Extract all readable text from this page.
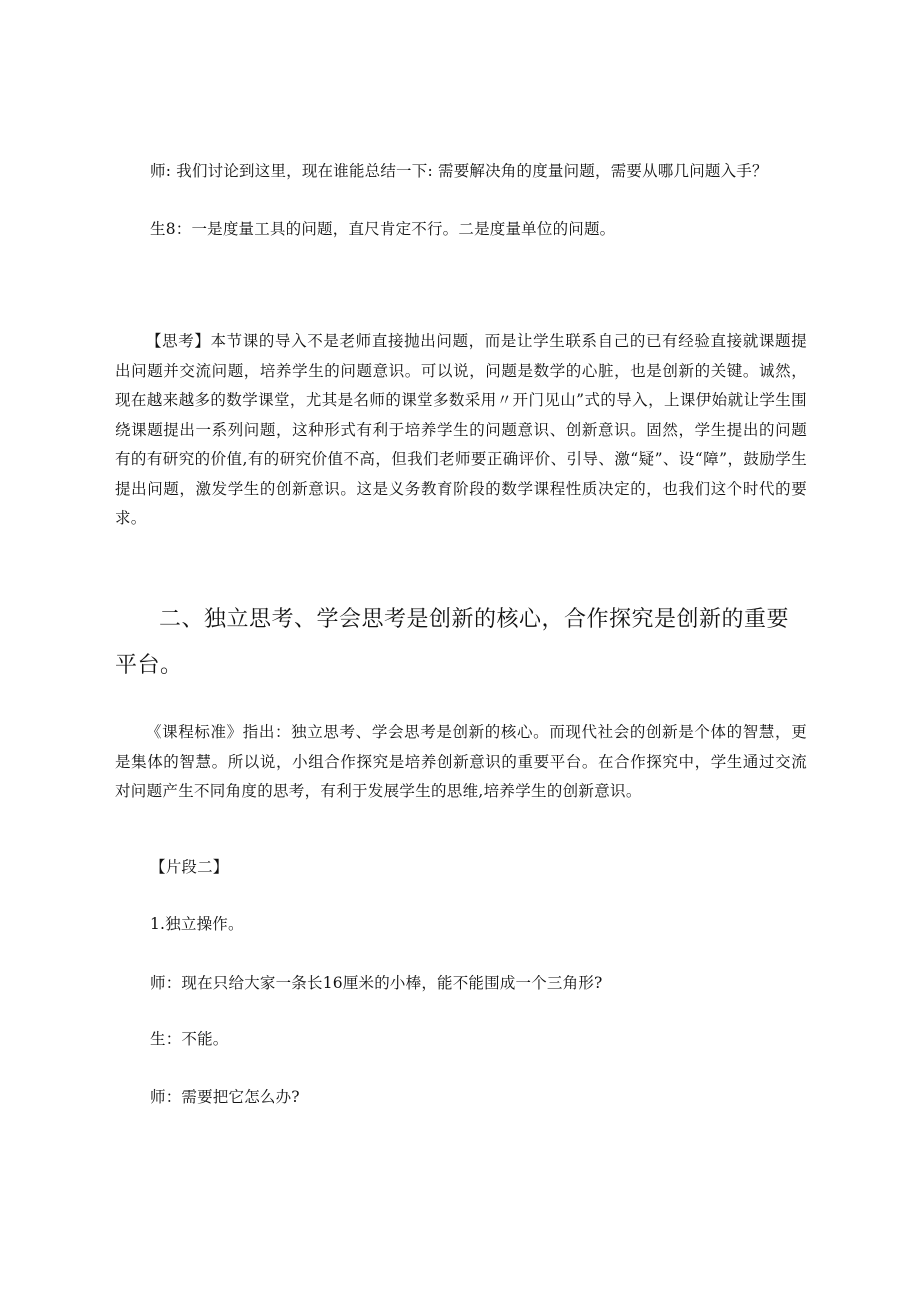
师: 我们讨论到这里，现在谁能总结一下: 需要解决角的度量问题，需要从哪几问题入手？
生8：一是度量工具的问题，直尺肯定不行。二是度量单位的问题。
【思考】本节课的导入不是老师直接抛出问题，而是让学生联系自己的已有经验直接就课题提出问题并交流问题，培养学生的问题意识。可以说，问题是数学的心脏，也是创新的关键。诚然，现在越来越多的数学课堂，尤其是名师的课堂多数采用〃开门见山”式的导入，上课伊始就让学生围绕课题提出一系列问题，这种形式有利于培养学生的问题意识、创新意识。固然，学生提出的问题有的有研究的价值,有的研究价值不高，但我们老师要正确评价、引导、激“疑”、设“障”，鼓励学生提出问题，激发学生的创新意识。这是义务教育阶段的数学课程性质决定的，也我们这个时代的要求。
二、独立思考、学会思考是创新的核心，合作探究是创新的重要平台。
《课程标准》指出：独立思考、学会思考是创新的核心。而现代社会的创新是个体的智慧，更是集体的智慧。所以说，小组合作探究是培养创新意识的重要平台。在合作探究中，学生通过交流对问题产生不同角度的思考，有利于发展学生的思维,培养学生的创新意识。
【片段二】
1.独立操作。
师：现在只给大家一条长16厘米的小棒，能不能围成一个三角形?
生：不能。
师：需要把它怎么办?
